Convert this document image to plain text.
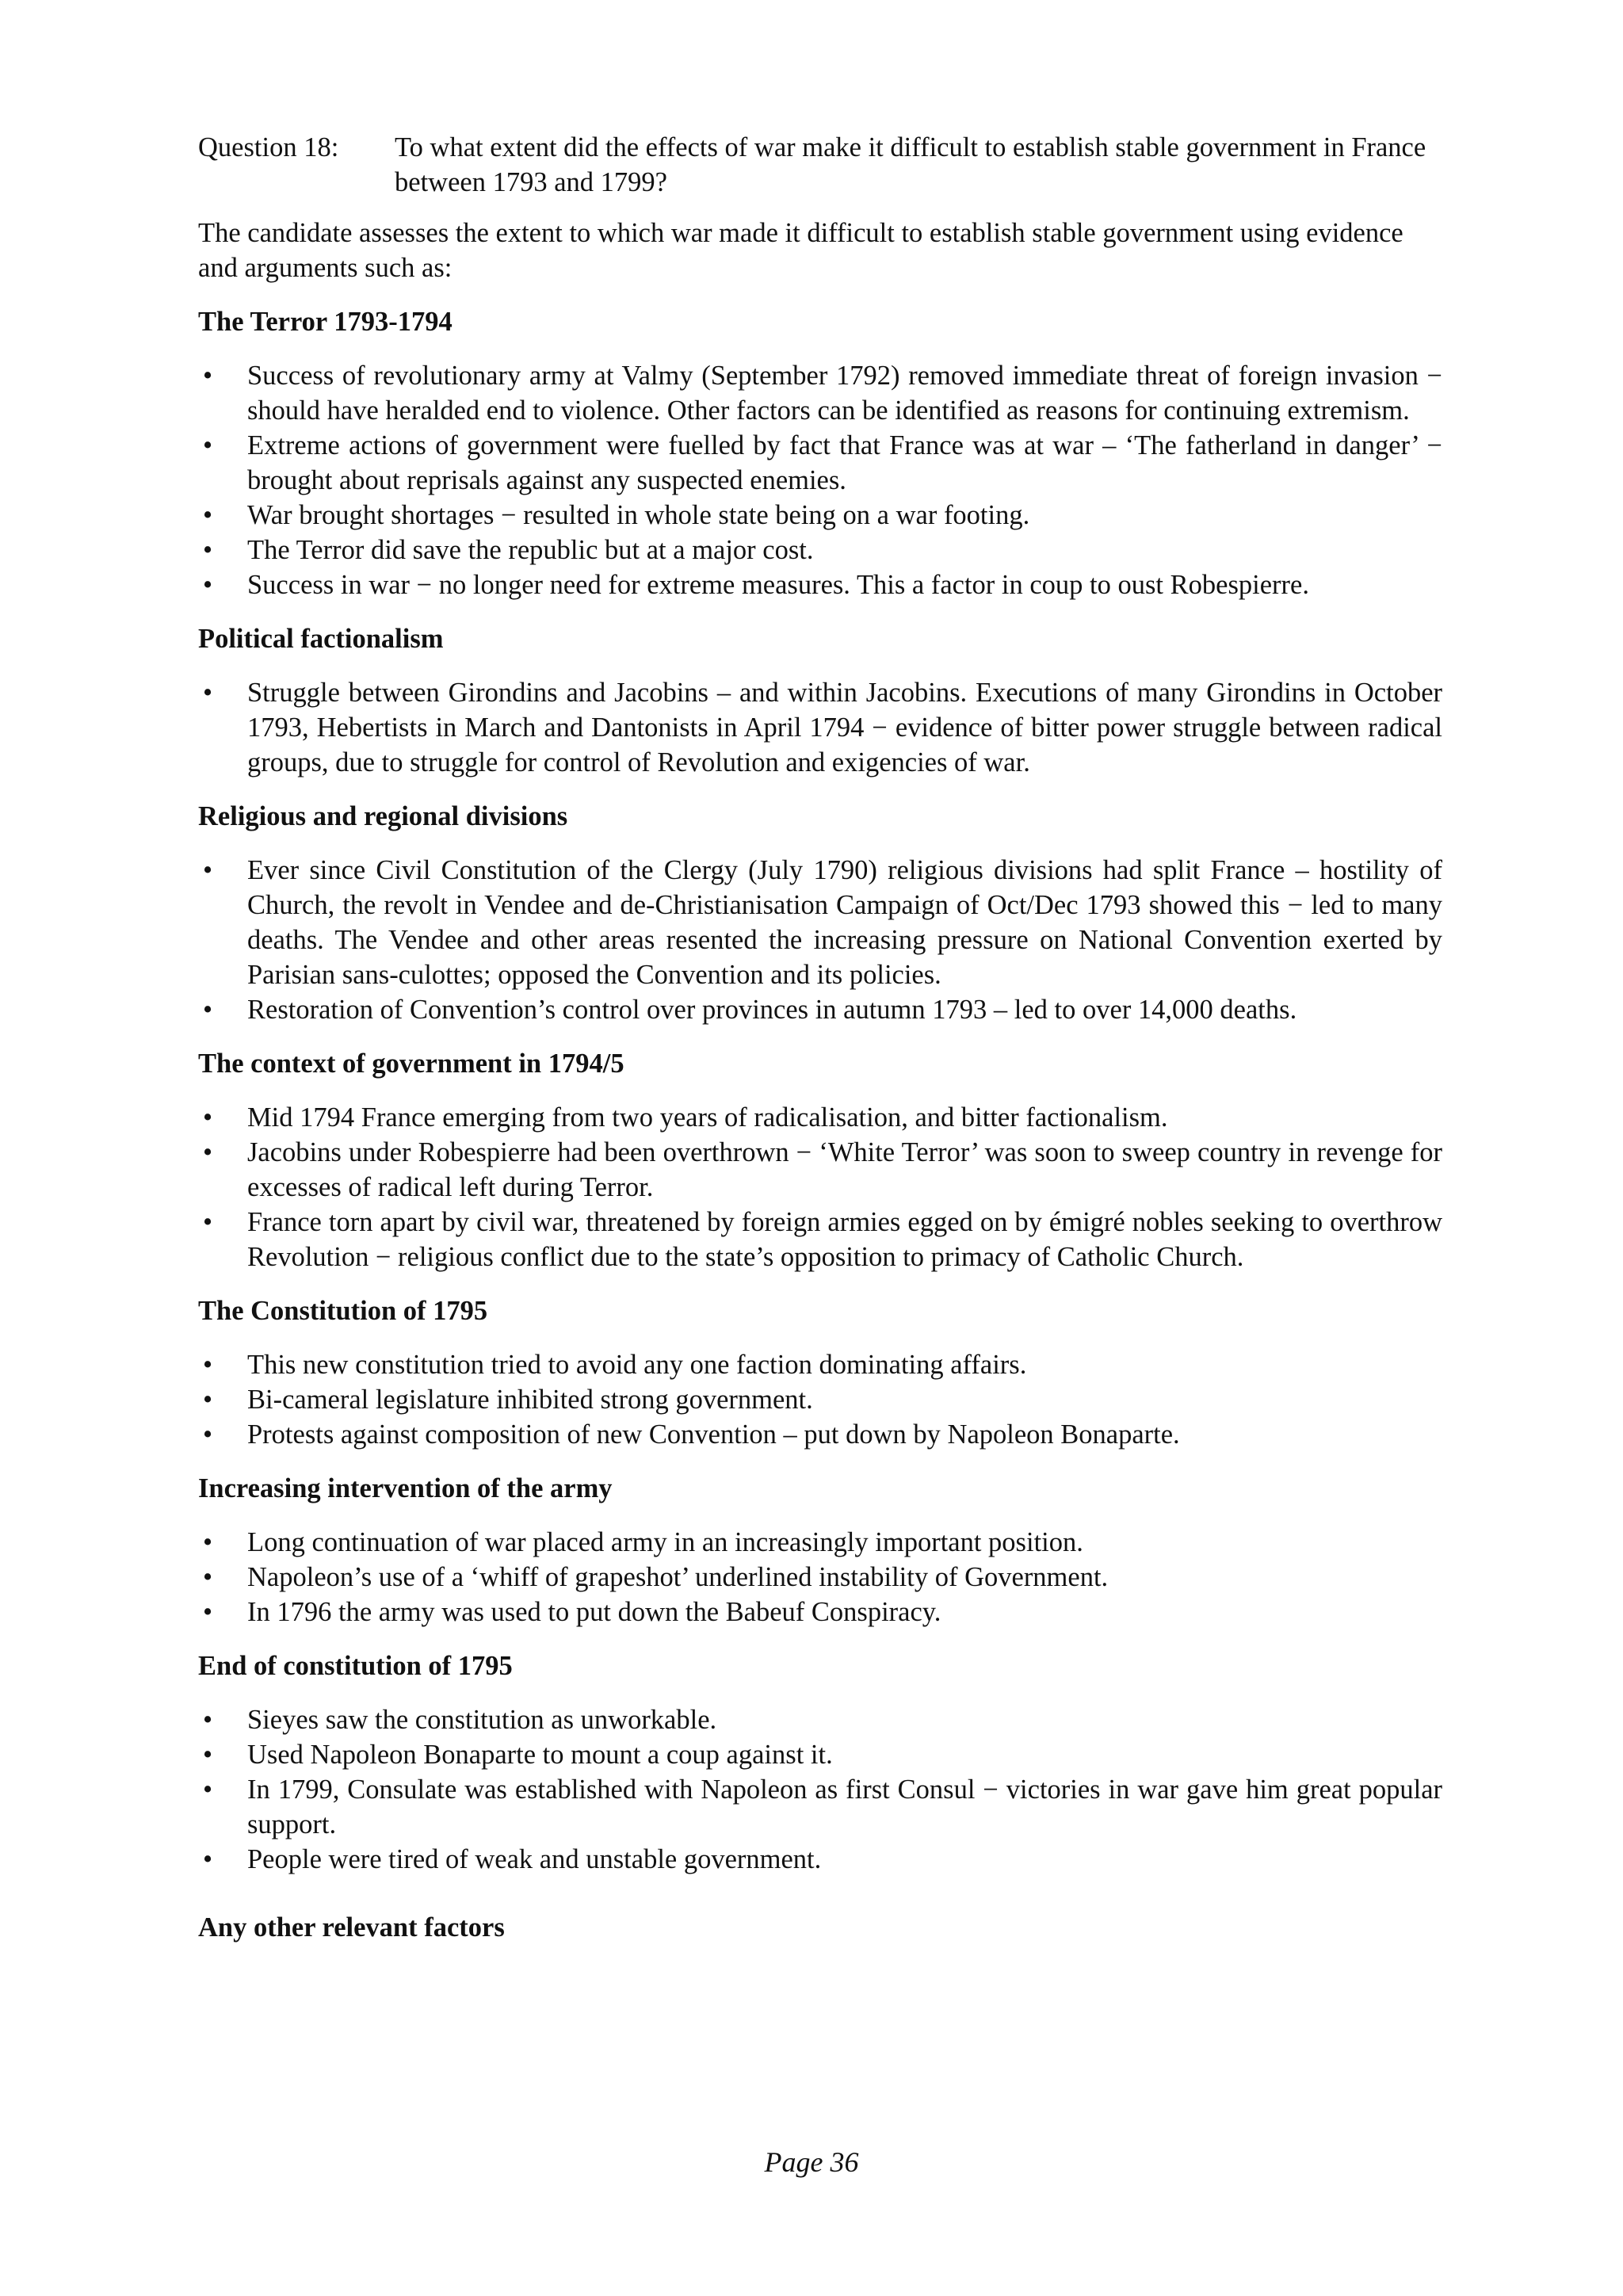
Question 18:	To what extent did the effects of war make it difficult to establish stable government in France between 1793 and 1799?

The candidate assesses the extent to which war made it difficult to establish stable government using evidence and arguments such as:

The Terror 1793-1794
• Success of revolutionary army at Valmy (September 1792) removed immediate threat of foreign invasion − should have heralded end to violence. Other factors can be identified as reasons for continuing extremism.
• Extreme actions of government were fuelled by fact that France was at war – ‘The fatherland in danger’ − brought about reprisals against any suspected enemies.
• War brought shortages − resulted in whole state being on a war footing.
• The Terror did save the republic but at a major cost.
• Success in war − no longer need for extreme measures. This a factor in coup to oust Robespierre.
Political factionalism
• Struggle between Girondins and Jacobins – and within Jacobins. Executions of many Girondins in October 1793, Hebertists in March and Dantonists in April 1794 − evidence of bitter power struggle between radical groups, due to struggle for control of Revolution and exigencies of war.
Religious and regional divisions
• Ever since Civil Constitution of the Clergy (July 1790) religious divisions had split France – hostility of Church, the revolt in Vendee and de-Christianisation Campaign of Oct/Dec 1793 showed this − led to many deaths. The Vendee and other areas resented the increasing pressure on National Convention exerted by Parisian sans-culottes; opposed the Convention and its policies.
• Restoration of Convention’s control over provinces in autumn 1793 – led to over 14,000 deaths.
The context of government in 1794/5
• Mid 1794 France emerging from two years of radicalisation, and bitter factionalism.
• Jacobins under Robespierre had been overthrown − ‘White Terror’ was soon to sweep country in revenge for excesses of radical left during Terror.
• France torn apart by civil war, threatened by foreign armies egged on by émigré nobles seeking to overthrow Revolution − religious conflict due to the state’s opposition to primacy of Catholic Church.
The Constitution of 1795
• This new constitution tried to avoid any one faction dominating affairs.
• Bi-cameral legislature inhibited strong government.
• Protests against composition of new Convention – put down by Napoleon Bonaparte.
Increasing intervention of the army
• Long continuation of war placed army in an increasingly important position.
• Napoleon’s use of a ‘whiff of grapeshot’ underlined instability of Government.
• In 1796 the army was used to put down the Babeuf Conspiracy.
End of constitution of 1795
• Sieyes saw the constitution as unworkable.
• Used Napoleon Bonaparte to mount a coup against it.
• In 1799, Consulate was established with Napoleon as first Consul − victories in war gave him great popular support.
• People were tired of weak and unstable government.
Any other relevant factors
Page 36
